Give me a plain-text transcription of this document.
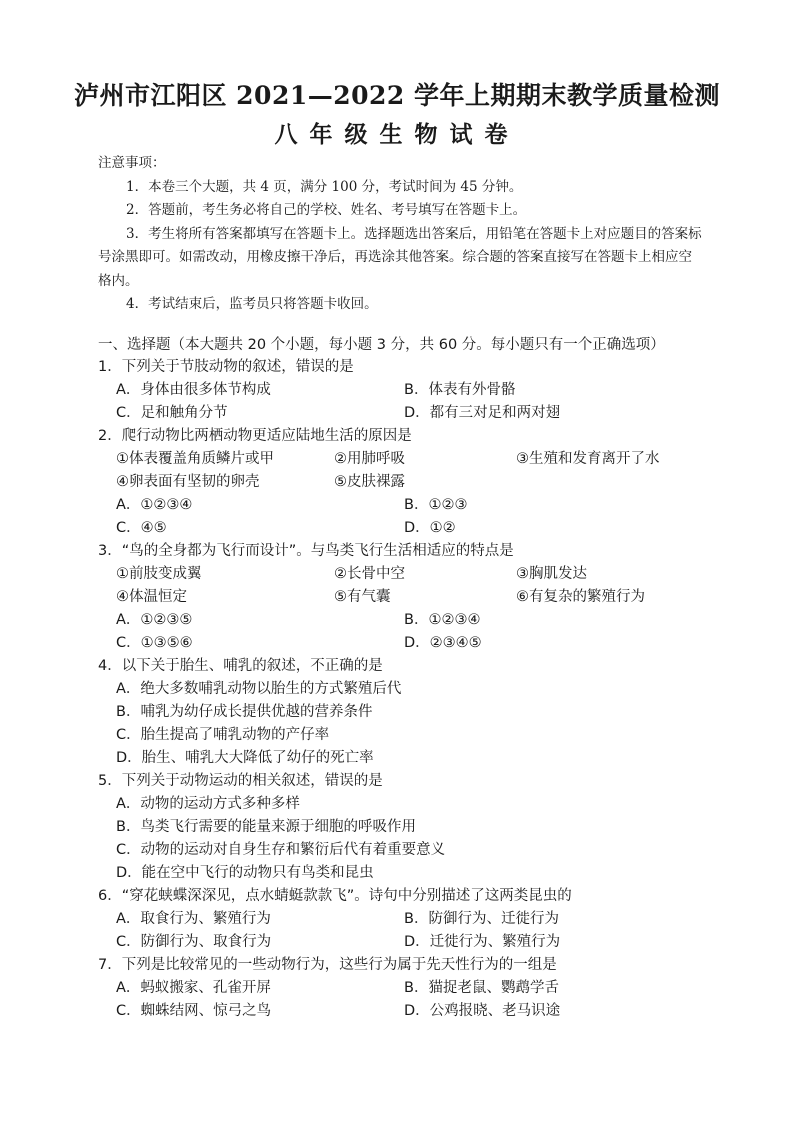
泸州市江阳区 2021—2022 学年上期期末教学质量检测
八年级生物试卷

注意事项：

1．本卷三个大题，共 4 页，满分 100 分，考试时间为 45 分钟。

2．答题前，考生务必将自己的学校、姓名、考号填写在答题卡上。

3．考生将所有答案都填写在答题卡上。选择题选出答案后，用铅笔在答题卡上对应题目的答案标号涂黑即可。如需改动，用橡皮擦干净后，再选涂其他答案。综合题的答案直接写在答题卡上相应空格内。

4．考试结束后，监考员只将答题卡收回。

一、选择题（本大题共 20 个小题，每小题 3 分，共 60 分。每小题只有一个正确选项）
1．下列关于节肢动物的叙述，错误的是
A．身体由很多体节构成	B．体表有外骨骼
C．足和触角分节	D．都有三对足和两对翅
2．爬行动物比两栖动物更适应陆地生活的原因是
①体表覆盖角质鳞片或甲	②用肺呼吸	③生殖和发育离开了水
④卵表面有坚韧的卵壳	⑤皮肤裸露
A．①②③④	B．①②③
C．④⑤	D．①②
3．“鸟的全身都为飞行而设计”。与鸟类飞行生活相适应的特点是
①前肢变成翼	②长骨中空	③胸肌发达
④体温恒定	⑤有气囊	⑥有复杂的繁殖行为
A．①②③⑤	B．①②③④
C．①③⑤⑥	D．②③④⑤
4．以下关于胎生、哺乳的叙述，不正确的是
A．绝大多数哺乳动物以胎生的方式繁殖后代
B．哺乳为幼仔成长提供优越的营养条件
C．胎生提高了哺乳动物的产仔率
D．胎生、哺乳大大降低了幼仔的死亡率
5．下列关于动物运动的相关叙述，错误的是
A．动物的运动方式多种多样
B．鸟类飞行需要的能量来源于细胞的呼吸作用
C．动物的运动对自身生存和繁衍后代有着重要意义
D．能在空中飞行的动物只有鸟类和昆虫
6．“穿花蛱蝶深深见，点水蜻蜓款款飞”。诗句中分别描述了这两类昆虫的
A．取食行为、繁殖行为	B．防御行为、迁徙行为
C．防御行为、取食行为	D．迁徙行为、繁殖行为
7．下列是比较常见的一些动物行为，这些行为属于先天性行为的一组是
A．蚂蚁搬家、孔雀开屏	B．猫捉老鼠、鹦鹉学舌
C．蜘蛛结网、惊弓之鸟	D．公鸡报晓、老马识途
